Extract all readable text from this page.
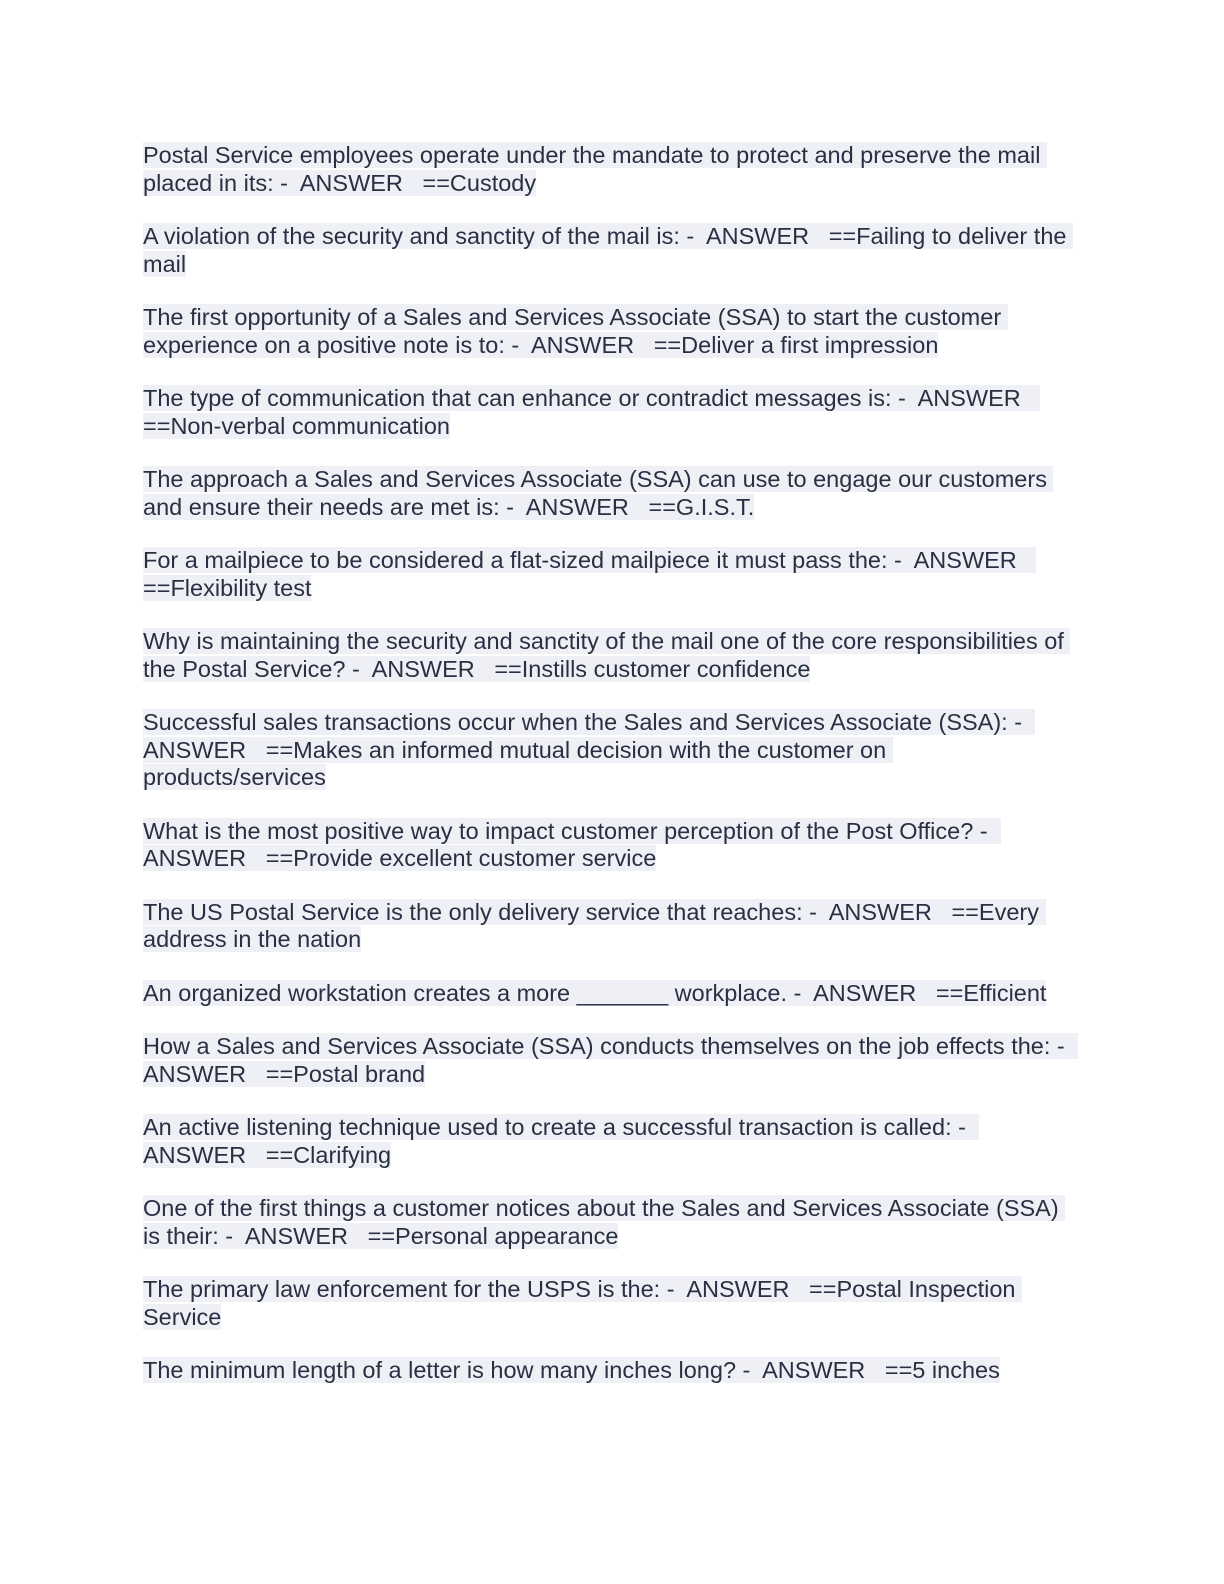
Postal Service employees operate under the mandate to protect and preserve the mail placed in its: -  ANSWER   ==Custody

A violation of the security and sanctity of the mail is: -  ANSWER   ==Failing to deliver the mail

The first opportunity of a Sales and Services Associate (SSA) to start the customer experience on a positive note is to: -  ANSWER   ==Deliver a first impression

The type of communication that can enhance or contradict messages is: -  ANSWER   ==Non-verbal communication

The approach a Sales and Services Associate (SSA) can use to engage our customers and ensure their needs are met is: -  ANSWER   ==G.I.S.T.

For a mailpiece to be considered a flat-sized mailpiece it must pass the: -  ANSWER   ==Flexibility test

Why is maintaining the security and sanctity of the mail one of the core responsibilities of the Postal Service? -  ANSWER   ==Instills customer confidence

Successful sales transactions occur when the Sales and Services Associate (SSA): -  ANSWER   ==Makes an informed mutual decision with the customer on products/services

What is the most positive way to impact customer perception of the Post Office? -  ANSWER   ==Provide excellent customer service

The US Postal Service is the only delivery service that reaches: -  ANSWER   ==Every address in the nation

An organized workstation creates a more _______ workplace. -  ANSWER   ==Efficient

How a Sales and Services Associate (SSA) conducts themselves on the job effects the: -  ANSWER   ==Postal brand

An active listening technique used to create a successful transaction is called: -  ANSWER   ==Clarifying

One of the first things a customer notices about the Sales and Services Associate (SSA) is their: -  ANSWER   ==Personal appearance

The primary law enforcement for the USPS is the: -  ANSWER   ==Postal Inspection Service

The minimum length of a letter is how many inches long? -  ANSWER   ==5 inches
